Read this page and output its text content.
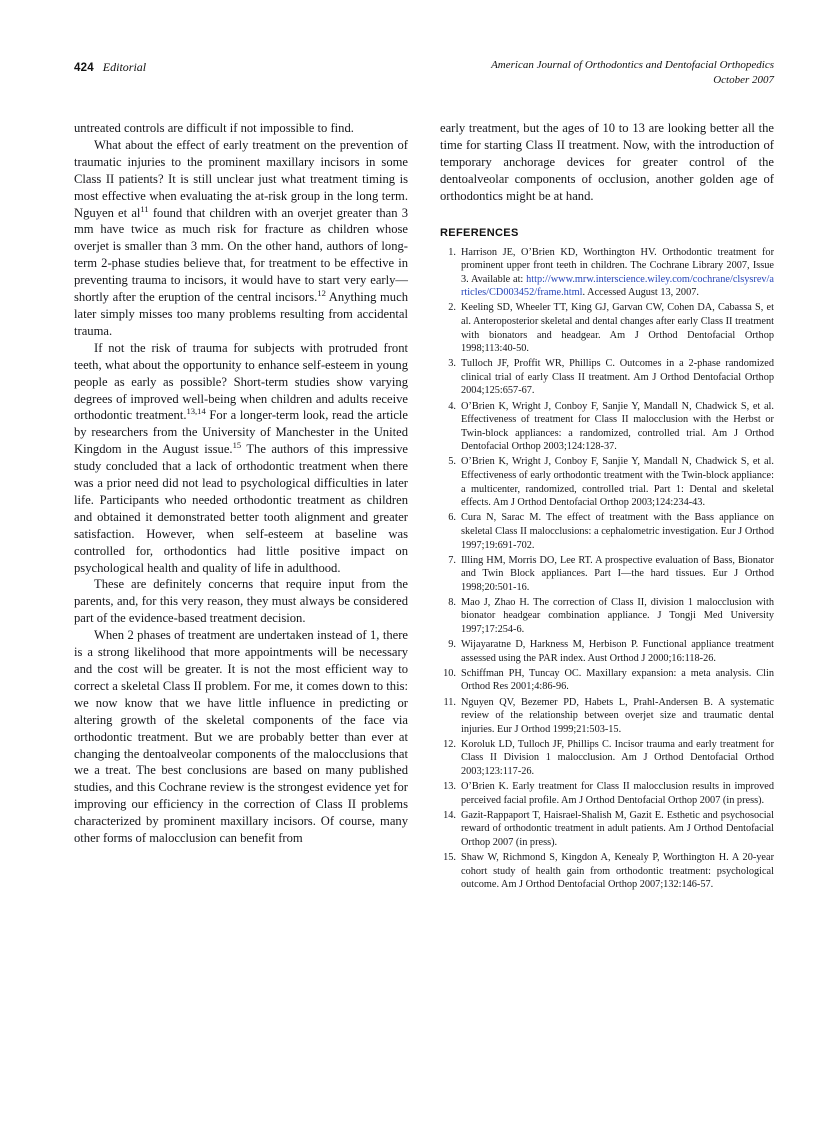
424 Editorial	American Journal of Orthodontics and Dentofacial Orthopedics
October 2007

untreated controls are difficult if not impossible to find.

What about the effect of early treatment on the prevention of traumatic injuries to the prominent maxillary incisors in some Class II patients? It is still unclear just what treatment timing is most effective when evaluating the at-risk group in the long term. Nguyen et $al^{11}$ found that children with an overjet greater than 3 mm have twice as much risk for fracture as children whose overjet is smaller than 3 mm. On the other hand, authors of long-term 2-phase studies believe that, for treatment to be effective in preventing trauma to incisors, it would have to start very early—shortly after the eruption of the central incisors.$^{12}$ Anything much later simply misses too many problems resulting from accidental trauma.

If not the risk of trauma for subjects with protruded front teeth, what about the opportunity to enhance self-esteem in young people as early as possible? Short-term studies show varying degrees of improved well-being when children and adults receive orthodontic treatment.$^{13,14}$ For a longer-term look, read the article by researchers from the University of Manchester in the United Kingdom in the August issue.$^{15}$ The authors of this impressive study concluded that a lack of orthodontic treatment when there was a prior need did not lead to psychological difficulties in later life. Participants who needed orthodontic treatment as children and obtained it demonstrated better tooth alignment and greater satisfaction. However, when self-esteem at baseline was controlled for, orthodontics had little positive impact on psychological health and quality of life in adulthood.

These are definitely concerns that require input from the parents, and, for this very reason, they must always be considered part of the evidence-based treatment decision.

When 2 phases of treatment are undertaken instead of 1, there is a strong likelihood that more appointments will be necessary and the cost will be greater. It is not the most efficient way to correct a skeletal Class II problem. For me, it comes down to this: we now know that we have little influence in predicting or altering growth of the skeletal components of the face via orthodontic treatment. But we are probably better than ever at changing the dentoalveolar components of the malocclusions that we a treat. The best conclusions are based on many published studies, and this Cochrane review is the strongest evidence yet for improving our efficiency in the correction of Class II problems characterized by prominent maxillary incisors. Of course, many other forms of malocclusion can benefit from

early treatment, but the ages of 10 to 13 are looking better all the time for starting Class II treatment. Now, with the introduction of temporary anchorage devices for greater control of the dentoalveolar components of occlusion, another golden age of orthodontics might be at hand.

REFERENCES
Harrison JE, O’Brien KD, Worthington HV. Orthodontic treatment for prominent upper front teeth in children. The Cochrane Library 2007, Issue 3. Available at: http://www.mrw.interscience.wiley.com/cochrane/clsysrev/articles/CD003452/frame.html. Accessed August 13, 2007.
Keeling SD, Wheeler TT, King GJ, Garvan CW, Cohen DA, Cabassa S, et al. Anteroposterior skeletal and dental changes after early Class II treatment with bionators and headgear. Am J Orthod Dentofacial Orthop 1998;113:40-50.
Tulloch JF, Proffit WR, Phillips C. Outcomes in a 2-phase randomized clinical trial of early Class II treatment. Am J Orthod Dentofacial Orthop 2004;125:657-67.
O’Brien K, Wright J, Conboy F, Sanjie Y, Mandall N, Chadwick S, et al. Effectiveness of treatment for Class II malocclusion with the Herbst or Twin-block appliances: a randomized, controlled trial. Am J Orthod Dentofacial Orthop 2003;124:128-37.
O’Brien K, Wright J, Conboy F, Sanjie Y, Mandall N, Chadwick S, et al. Effectiveness of early orthodontic treatment with the Twin-block appliance: a multicenter, randomized, controlled trial. Part 1: Dental and skeletal effects. Am J Orthod Dentofacial Orthop 2003;124:234-43.
Cura N, Sarac M. The effect of treatment with the Bass appliance on skeletal Class II malocclusions: a cephalometric investigation. Eur J Orthod 1997;19:691-702.
Illing HM, Morris DO, Lee RT. A prospective evaluation of Bass, Bionator and Twin Block appliances. Part I—the hard tissues. Eur J Orthod 1998;20:501-16.
Mao J, Zhao H. The correction of Class II, division 1 malocclusion with bionator headgear combination appliance. J Tongji Med University 1997;17:254-6.
Wijayaratne D, Harkness M, Herbison P. Functional appliance treatment assessed using the PAR index. Aust Orthod J 2000;16:118-26.
Schiffman PH, Tuncay OC. Maxillary expansion: a meta analysis. Clin Orthod Res 2001;4:86-96.
Nguyen QV, Bezemer PD, Habets L, Prahl-Andersen B. A systematic review of the relationship between overjet size and traumatic dental injuries. Eur J Orthod 1999;21:503-15.
Koroluk LD, Tulloch JF, Phillips C. Incisor trauma and early treatment for Class II Division 1 malocclusion. Am J Orthod Dentofacial Orthod 2003;123:117-26.
O’Brien K. Early treatment for Class II malocclusion results in improved perceived facial profile. Am J Orthod Dentofacial Orthop 2007 (in press).
Gazit-Rappaport T, Haisrael-Shalish M, Gazit E. Esthetic and psychosocial reward of orthodontic treatment in adult patients. Am J Orthod Dentofacial Orthop 2007 (in press).
Shaw W, Richmond S, Kingdon A, Kenealy P, Worthington H. A 20-year cohort study of health gain from orthodontic treatment: psychological outcome. Am J Orthod Dentofacial Orthop 2007;132:146-57.
